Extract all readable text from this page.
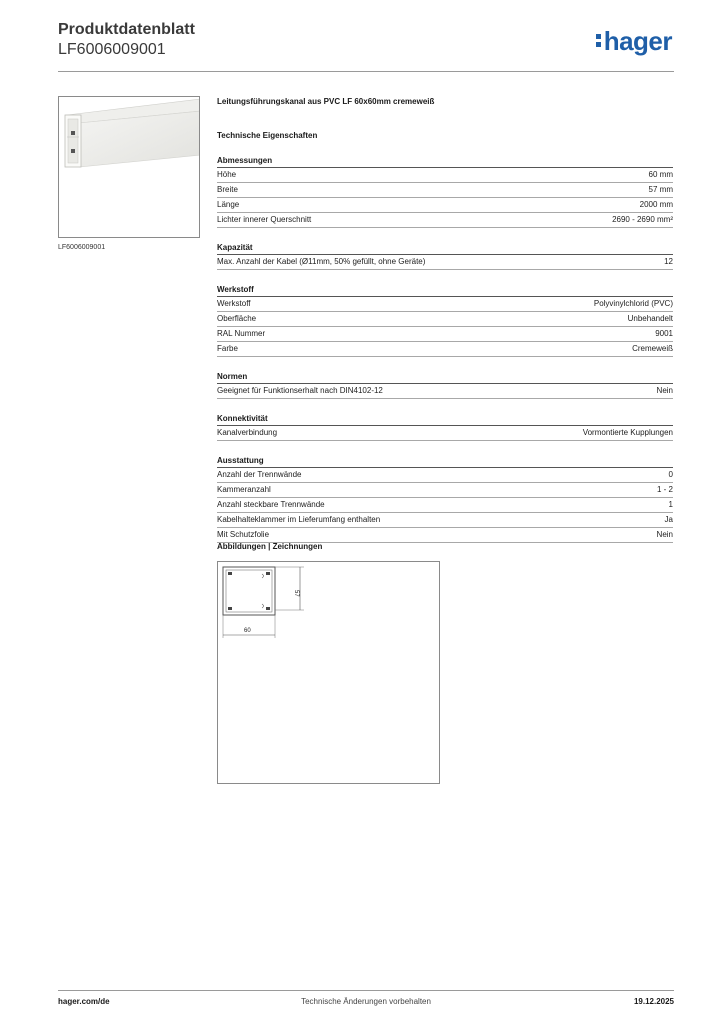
Produktdatenblatt
LF6006009001	hager
LF6006009001
Leitungsführungskanal aus PVC LF 60x60mm cremeweiß
Technische Eigenschaften
Abmessungen
Höhe	60 mm
Breite	57 mm
Länge	2000 mm
Lichter innerer Querschnitt	2690 - 2690 mm²
Kapazität
Max. Anzahl der Kabel (Ø11mm, 50% gefüllt, ohne Geräte)	12
Werkstoff
Werkstoff	Polyvinylchlorid (PVC)
Oberfläche	Unbehandelt
RAL Nummer	9001
Farbe	Cremeweiß
Normen
Geeignet für Funktionserhalt nach DIN4102-12	Nein
Konnektivität
Kanalverbindung	Vormontierte Kupplungen
Ausstattung
Anzahl der Trennwände	0
Kammeranzahl	1 - 2
Anzahl steckbare Trennwände	1
Kabelhalteklammer im Lieferumfang enthalten	Ja
Mit Schutzfolie	Nein
Abbildungen | Zeichnungen
57
60
hager.com/de	Technische Änderungen vorbehalten	19.12.2025
